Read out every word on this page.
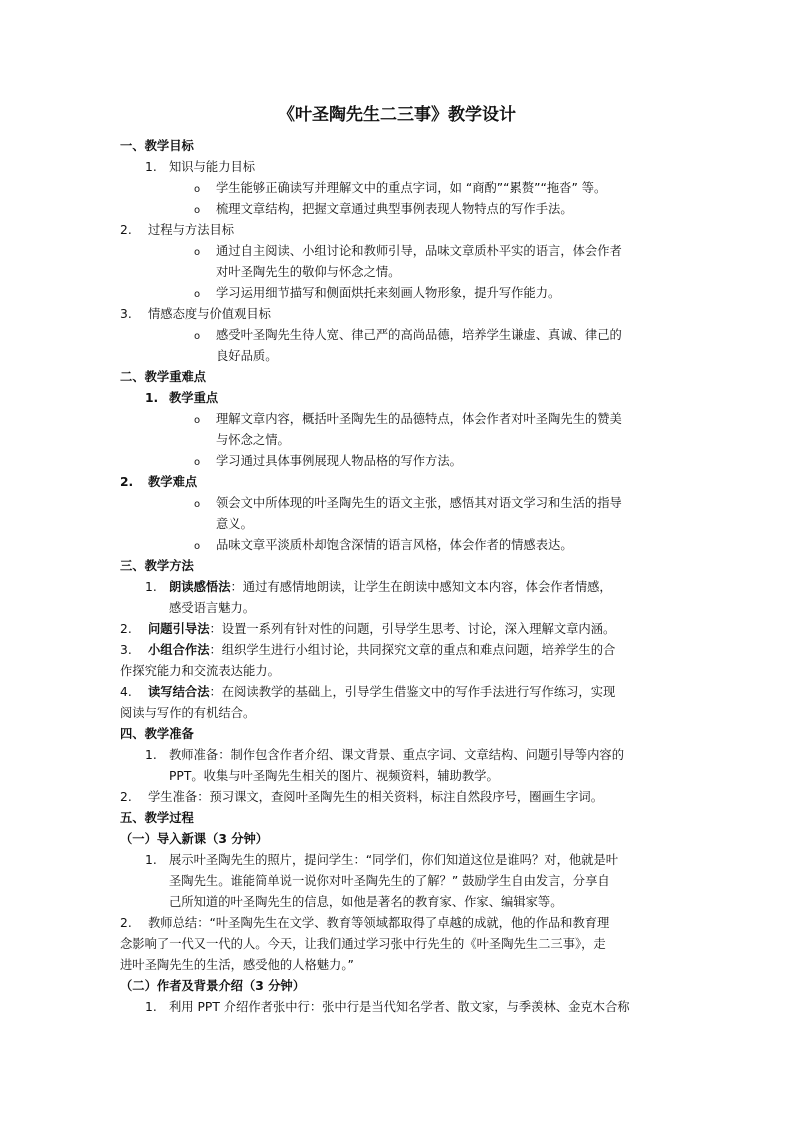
《叶圣陶先生二三事》教学设计
一、教学目标
1. 知识与能力目标
o 学生能够正确读写并理解文中的重点字词，如 “商酌”“累赘”“拖沓” 等。
o 梳理文章结构，把握文章通过典型事例表现人物特点的写作手法。
2. 过程与方法目标
o 通过自主阅读、小组讨论和教师引导，品味文章质朴平实的语言，体会作者
对叶圣陶先生的敬仰与怀念之情。
o 学习运用细节描写和侧面烘托来刻画人物形象，提升写作能力。
3. 情感态度与价值观目标
o 感受叶圣陶先生待人宽、律己严的高尚品德，培养学生谦虚、真诚、律己的
良好品质。
二、教学重难点
1. 教学重点
o 理解文章内容，概括叶圣陶先生的品德特点，体会作者对叶圣陶先生的赞美
与怀念之情。
o 学习通过具体事例展现人物品格的写作方法。
2. 教学难点
o 领会文中所体现的叶圣陶先生的语文主张，感悟其对语文学习和生活的指导
意义。
o 品味文章平淡质朴却饱含深情的语言风格，体会作者的情感表达。
三、教学方法
1. 朗读感悟法：通过有感情地朗读，让学生在朗读中感知文本内容，体会作者情感，
感受语言魅力。
2. 问题引导法：设置一系列有针对性的问题，引导学生思考、讨论，深入理解文章内涵。
3. 小组合作法：组织学生进行小组讨论，共同探究文章的重点和难点问题，培养学生的合
作探究能力和交流表达能力。
4. 读写结合法：在阅读教学的基础上，引导学生借鉴文中的写作手法进行写作练习，实现
阅读与写作的有机结合。
四、教学准备
1. 教师准备：制作包含作者介绍、课文背景、重点字词、文章结构、问题引导等内容的
PPT。收集与叶圣陶先生相关的图片、视频资料，辅助教学。
2. 学生准备：预习课文，查阅叶圣陶先生的相关资料，标注自然段序号，圈画生字词。
五、教学过程
（一）导入新课（3 分钟）
1. 展示叶圣陶先生的照片，提问学生：“同学们，你们知道这位是谁吗？对，他就是叶
圣陶先生。谁能简单说一说你对叶圣陶先生的了解？” 鼓励学生自由发言，分享自
己所知道的叶圣陶先生的信息，如他是著名的教育家、作家、编辑家等。
2. 教师总结：“叶圣陶先生在文学、教育等领域都取得了卓越的成就，他的作品和教育理
念影响了一代又一代的人。今天，让我们通过学习张中行先生的《叶圣陶先生二三事》，走
进叶圣陶先生的生活，感受他的人格魅力。”
（二）作者及背景介绍（3 分钟）
1. 利用 PPT 介绍作者张中行：张中行是当代知名学者、散文家，与季羡林、金克木合称
